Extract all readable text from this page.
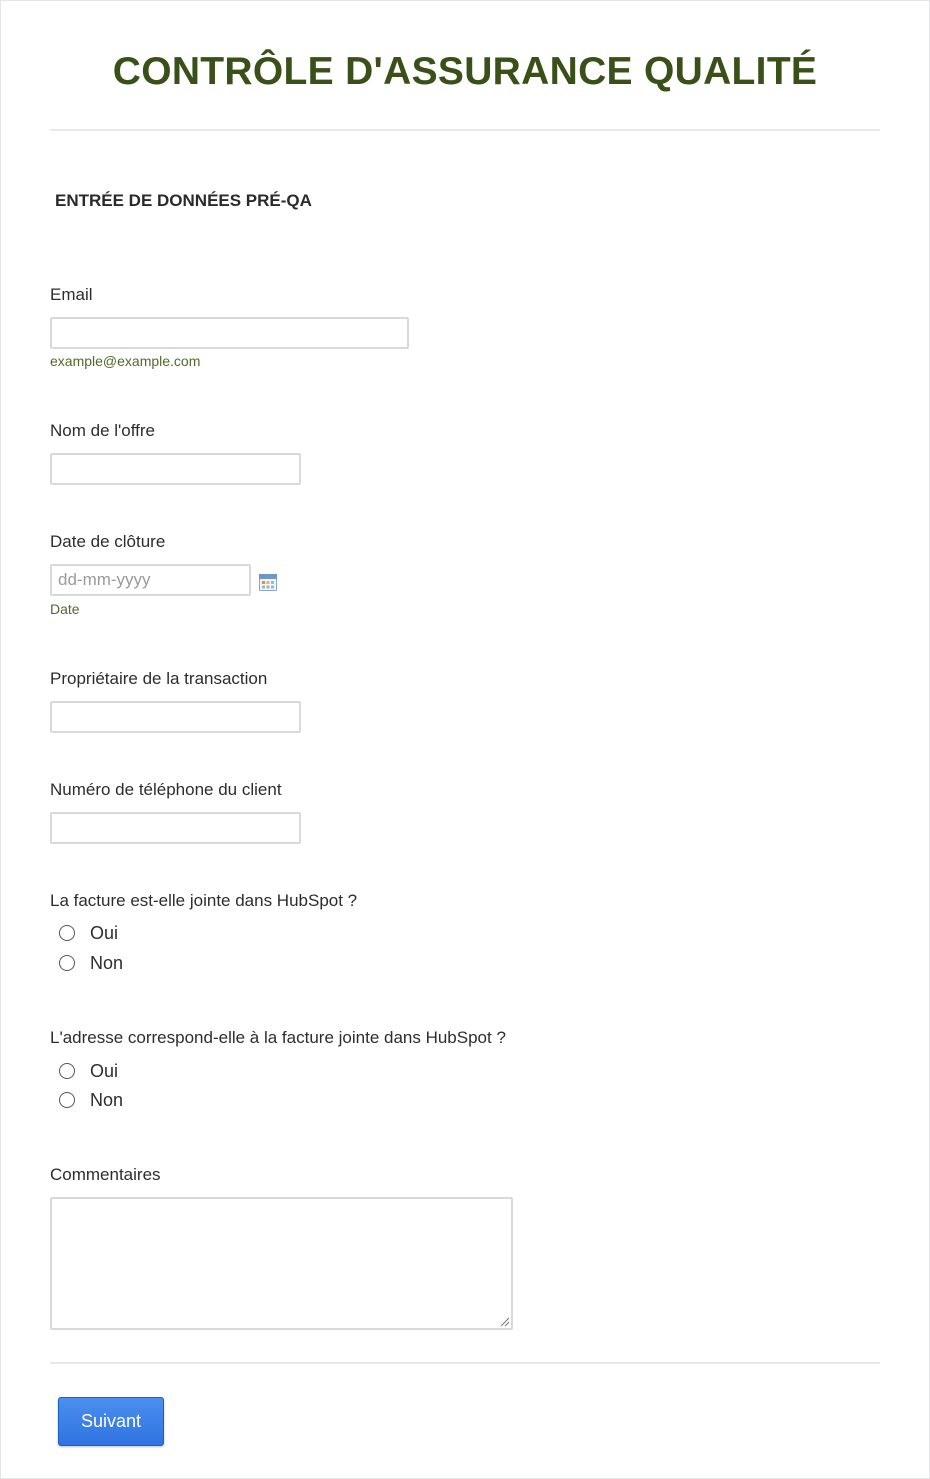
CONTRÔLE D'ASSURANCE QUALITÉ
ENTRÉE DE DONNÉES PRÉ-QA
Email
example@example.com
Nom de l'offre
Date de clôture
dd-mm-yyyy
Date
Propriétaire de la transaction
Numéro de téléphone du client
La facture est-elle jointe dans HubSpot ?
Oui
Non
L'adresse correspond-elle à la facture jointe dans HubSpot ?
Oui
Non
Commentaires
Suivant
